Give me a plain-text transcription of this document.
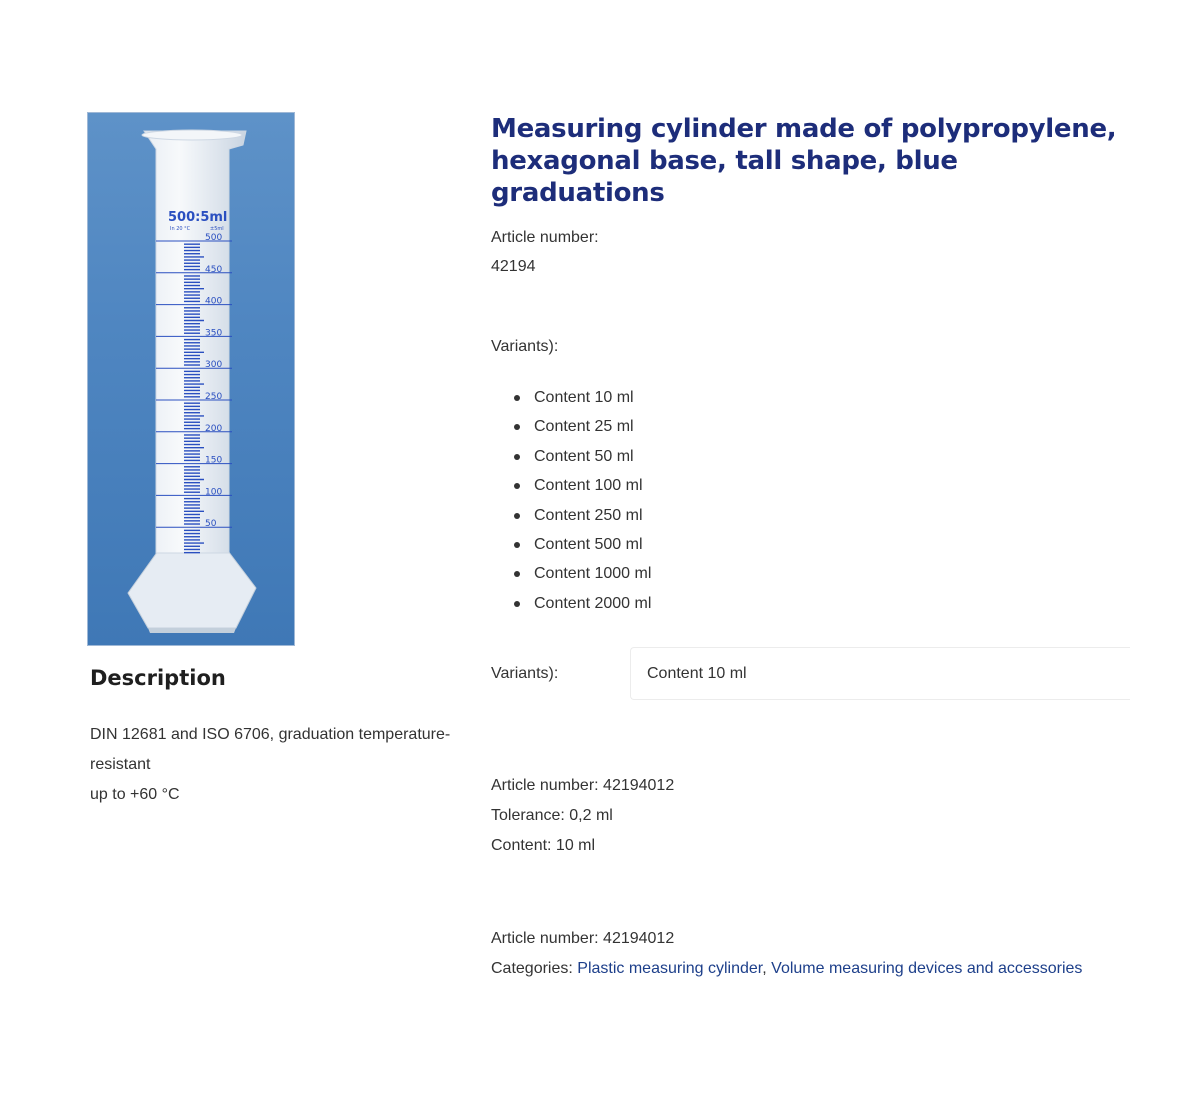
500
450
400
350
300
250
200
150
100
50
500:5ml
In 20 °C	±5ml
Description
DIN 12681 and ISO 6706, graduation temperature-resistant
up to +60 °C
Measuring cylinder made of polypropylene, hexagonal base, tall shape, blue graduations
Article number:
42194
Variants):
Content 10 ml
Content 25 ml
Content 50 ml
Content 100 ml
Content 250 ml
Content 500 ml
Content 1000 ml
Content 2000 ml
Variants):	Content 10 ml
Article number: 42194012
Tolerance: 0,2 ml
Content: 10 ml
Article number: 42194012
Categories: Plastic measuring cylinder, Volume measuring devices and accessories
